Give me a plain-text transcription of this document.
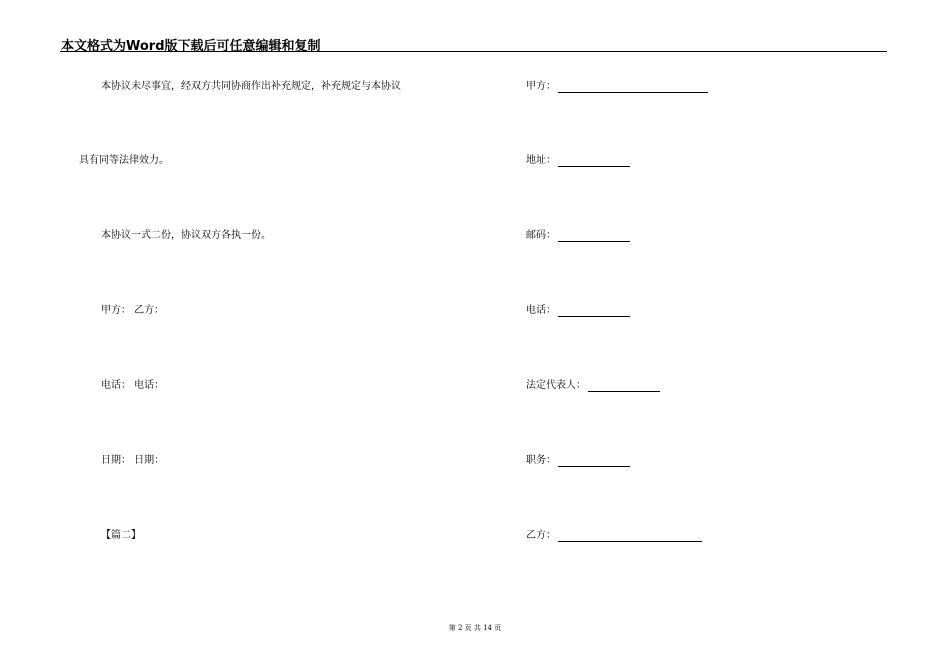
本文格式为Word版下载后可任意编辑和复制
本协议未尽事宜，经双方共同协商作出补充规定，补充规定与本协议
具有同等法律效力。
本协议一式二份，协议双方各执一份。
甲方： 乙方：
电话： 电话：
日期： 日期：
【篇二】
甲方：
地址：
邮码：
电话：
法定代表人：
职务：
乙方：
第 2 页 共 14 页
